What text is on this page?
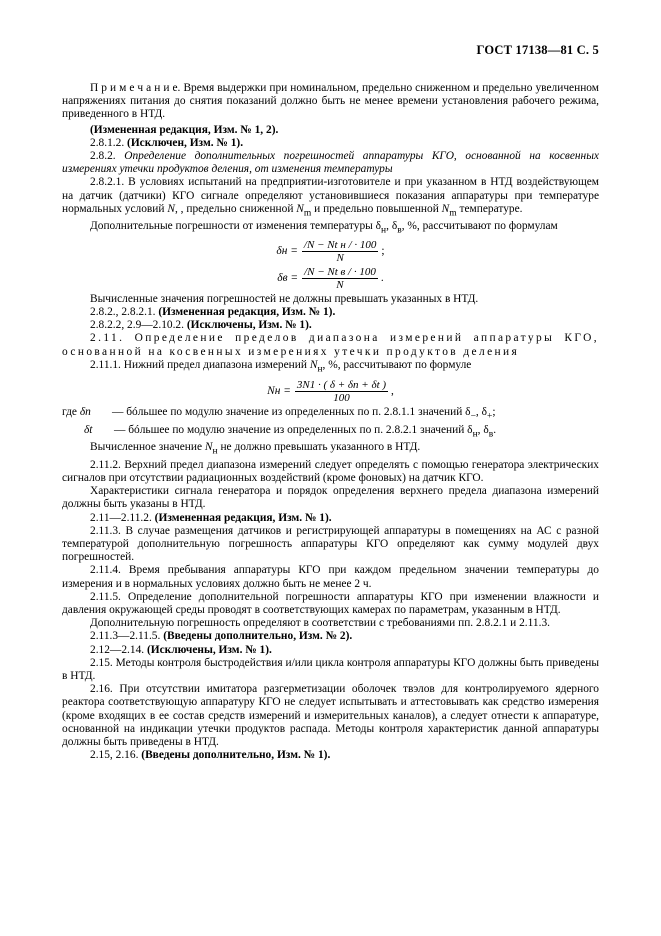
ГОСТ 17138—81 С. 5

П р и м е ч а н и е. Время выдержки при номинальном, предельно сниженном и предельно увеличенном напряжениях питания до снятия показаний должно быть не менее времени установления рабочего режима, приведенного в НТД.

(Измененная редакция, Изм. № 1, 2).

2.8.1.2. (Исключен, Изм. № 1).

2.8.2. Определение дополнительных погрешностей аппаратуры КГО, основанной на косвенных измерениях утечки продуктов деления, от изменения температуры

2.8.2.1. В условиях испытаний на предприятии-изготовителе и при указанном в НТД воздействующем на датчик (датчики) КГО сигнале определяют установившиеся показания аппаратуры при температуре нормальных условий N, , предельно сниженной $N_m$ и предельно повышенной $N_m$ температуре.

Дополнительные погрешности от изменения температуры $\delta_н$, $\delta_в$, %, рассчитывают по формулам

$\delta н = \frac{\text{/N − Nt н / · 100}}{N}$ ;
$\delta в = \frac{\text{/N − Nt в / · 100}}{N}$ .

Вычисленные значения погрешностей не должны превышать указанных в НТД.

2.8.2., 2.8.2.1. (Измененная редакция, Изм. № 1).

2.8.2.2, 2.9—2.10.2. (Исключены, Изм. № 1).

2.11. Определение пределов диапазона измерений аппаратуры КГО,

основанной на косвенных измерениях утечки продуктов деления

2.11.1. Нижний предел диапазона измерений $N_н$, %, рассчитывают по формуле

Nн = $\frac{3N1 \cdot ( \delta + \delta n + \delta t )}{100}$ ,
где δn	— бóльшее по модулю значение из определенных по п. 2.8.1.1 значений $\delta_-$, $\delta_+$;
δt	— бóльшее по модулю значение из определенных по п. 2.8.2.1 значений $\delta_н$, $\delta_в$.

Вычисленное значение $N_н$ не должно превышать указанного в НТД.

2.11.2. Верхний предел диапазона измерений следует определять с помощью генератора электрических сигналов при отсутствии радиационных воздействий (кроме фоновых) на датчик КГО.

Характеристики сигнала генератора и порядок определения верхнего предела диапазона измерений должны быть указаны в НТД.

2.11—2.11.2. (Измененная редакция, Изм. № 1).

2.11.3. В случае размещения датчиков и регистрирующей аппаратуры в помещениях на АС с разной температурой дополнительную погрешность аппаратуры КГО определяют как сумму модулей двух погрешностей.

2.11.4. Время пребывания аппаратуры КГО при каждом предельном значении температуры до измерения и в нормальных условиях должно быть не менее 2 ч.

2.11.5. Определение дополнительной погрешности аппаратуры КГО при изменении влажности и давления окружающей среды проводят в соответствующих камерах по параметрам, указанным в НТД.

Дополнительную погрешность определяют в соответствии с требованиями пп. 2.8.2.1 и 2.11.3.

2.11.3—2.11.5. (Введены дополнительно, Изм. № 2).

2.12—2.14. (Исключены, Изм. № 1).

2.15. Методы контроля быстродействия и/или цикла контроля аппаратуры КГО должны быть приведены в НТД.

2.16. При отсутствии имитатора разгерметизации оболочек твэлов для контролируемого ядерного реактора соответствующую аппаратуру КГО не следует испытывать и аттестовывать как средство измерения (кроме входящих в ее состав средств измерений и измерительных каналов), а следует отнести к аппаратуре, основанной на индикации утечки продуктов распада. Методы контроля характеристик данной аппаратуры должны быть приведены в НТД.

2.15, 2.16. (Введены дополнительно, Изм. № 1).
